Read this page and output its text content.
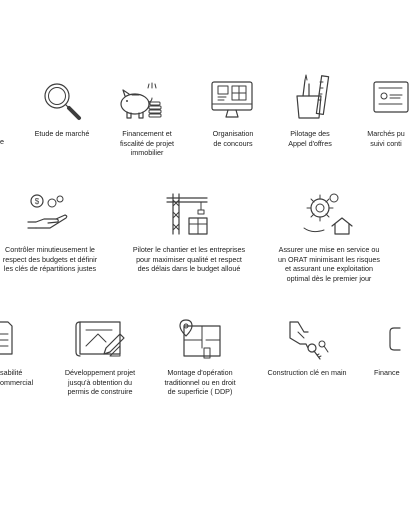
e
Etude de marché	Financement et
fiscalité de projet
immobilier
Organisation
de concours
Pilotage des
Appel d'offres
Marchés pu
suivi conti
$
Contrôler minutieusement le
respect des budgets et définir
les clés de répartitions justes
Piloter le chantier et les entreprises
pour maximiser qualité et respect
des délais dans le budget alloué
Assurer une mise en service ou
un ORAT minimisant les risques
et assurant une exploitation
optimal dès le premier jour
sabilité
ommercial
Développement projet
jusqu'à obtention du
permis de construire
Montage d'opération
traditionnel ou en droit
de superficie ( DDP)
Construction clé en main	Finance
